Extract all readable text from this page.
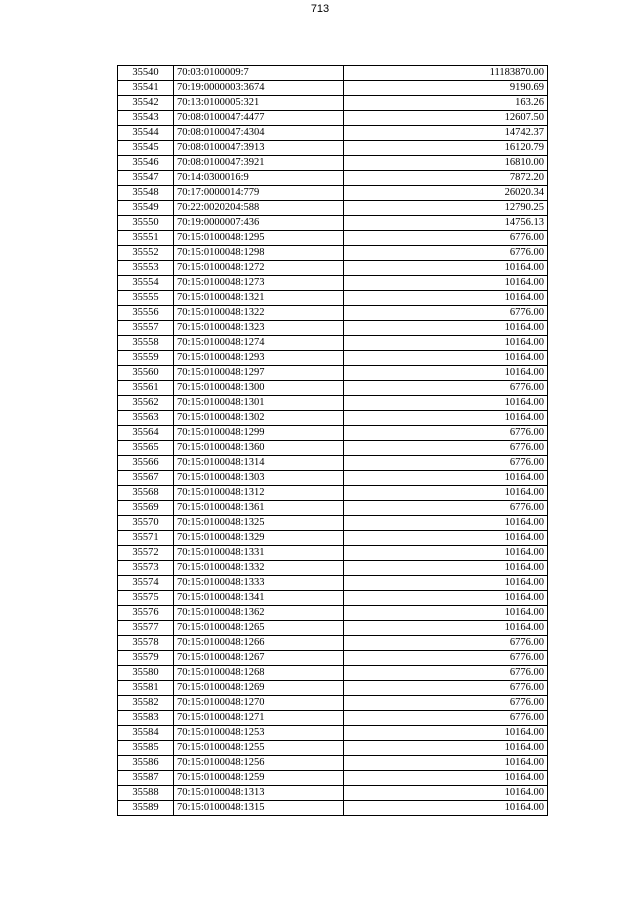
713
35540	70:03:0100009:7	11183870.00
35541	70:19:0000003:3674	9190.69
35542	70:13:0100005:321	163.26
35543	70:08:0100047:4477	12607.50
35544	70:08:0100047:4304	14742.37
35545	70:08:0100047:3913	16120.79
35546	70:08:0100047:3921	16810.00
35547	70:14:0300016:9	7872.20
35548	70:17:0000014:779	26020.34
35549	70:22:0020204:588	12790.25
35550	70:19:0000007:436	14756.13
35551	70:15:0100048:1295	6776.00
35552	70:15:0100048:1298	6776.00
35553	70:15:0100048:1272	10164.00
35554	70:15:0100048:1273	10164.00
35555	70:15:0100048:1321	10164.00
35556	70:15:0100048:1322	6776.00
35557	70:15:0100048:1323	10164.00
35558	70:15:0100048:1274	10164.00
35559	70:15:0100048:1293	10164.00
35560	70:15:0100048:1297	10164.00
35561	70:15:0100048:1300	6776.00
35562	70:15:0100048:1301	10164.00
35563	70:15:0100048:1302	10164.00
35564	70:15:0100048:1299	6776.00
35565	70:15:0100048:1360	6776.00
35566	70:15:0100048:1314	6776.00
35567	70:15:0100048:1303	10164.00
35568	70:15:0100048:1312	10164.00
35569	70:15:0100048:1361	6776.00
35570	70:15:0100048:1325	10164.00
35571	70:15:0100048:1329	10164.00
35572	70:15:0100048:1331	10164.00
35573	70:15:0100048:1332	10164.00
35574	70:15:0100048:1333	10164.00
35575	70:15:0100048:1341	10164.00
35576	70:15:0100048:1362	10164.00
35577	70:15:0100048:1265	10164.00
35578	70:15:0100048:1266	6776.00
35579	70:15:0100048:1267	6776.00
35580	70:15:0100048:1268	6776.00
35581	70:15:0100048:1269	6776.00
35582	70:15:0100048:1270	6776.00
35583	70:15:0100048:1271	6776.00
35584	70:15:0100048:1253	10164.00
35585	70:15:0100048:1255	10164.00
35586	70:15:0100048:1256	10164.00
35587	70:15:0100048:1259	10164.00
35588	70:15:0100048:1313	10164.00
35589	70:15:0100048:1315	10164.00
